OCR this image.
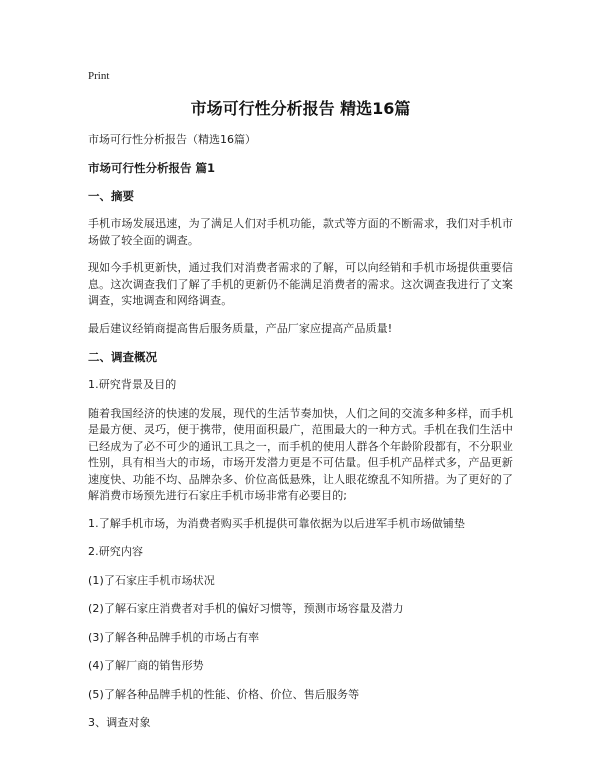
Print
市场可行性分析报告 精选16篇

市场可行性分析报告（精选16篇）

市场可行性分析报告 篇1
一、摘要

手机市场发展迅速，为了满足人们对手机功能，款式等方面的不断需求，我们对手机市场做了较全面的调查。

现如今手机更新快，通过我们对消费者需求的了解，可以向经销和手机市场提供重要信息。这次调查我们了解了手机的更新仍不能满足消费者的需求。这次调查我进行了文案调查，实地调查和网络调查。

最后建议经销商提高售后服务质量，产品厂家应提高产品质量!

二、调查概况

1.研究背景及目的

随着我国经济的快速的发展，现代的生活节奏加快，人们之间的交流多种多样，而手机是最方便、灵巧，便于携带，使用面积最广，范围最大的一种方式。手机在我们生活中已经成为了必不可少的通讯工具之一，而手机的使用人群各个年龄阶段都有，不分职业性别，具有相当大的市场，市场开发潜力更是不可估量。但手机产品样式多，产品更新速度快、功能不均、品牌杂多、价位高低悬殊，让人眼花缭乱不知所措。为了更好的了解消费市场预先进行石家庄手机市场非常有必要目的;

1.了解手机市场，为消费者购买手机提供可靠依据为以后进军手机市场做铺垫

2.研究内容

(1)了石家庄手机市场状况

(2)了解石家庄消费者对手机的偏好习惯等，预测市场容量及潜力

(3)了解各种品牌手机的市场占有率

(4)了解厂商的销售形势

(5)了解各种品牌手机的性能、价格、价位、售后服务等

3、调查对象
